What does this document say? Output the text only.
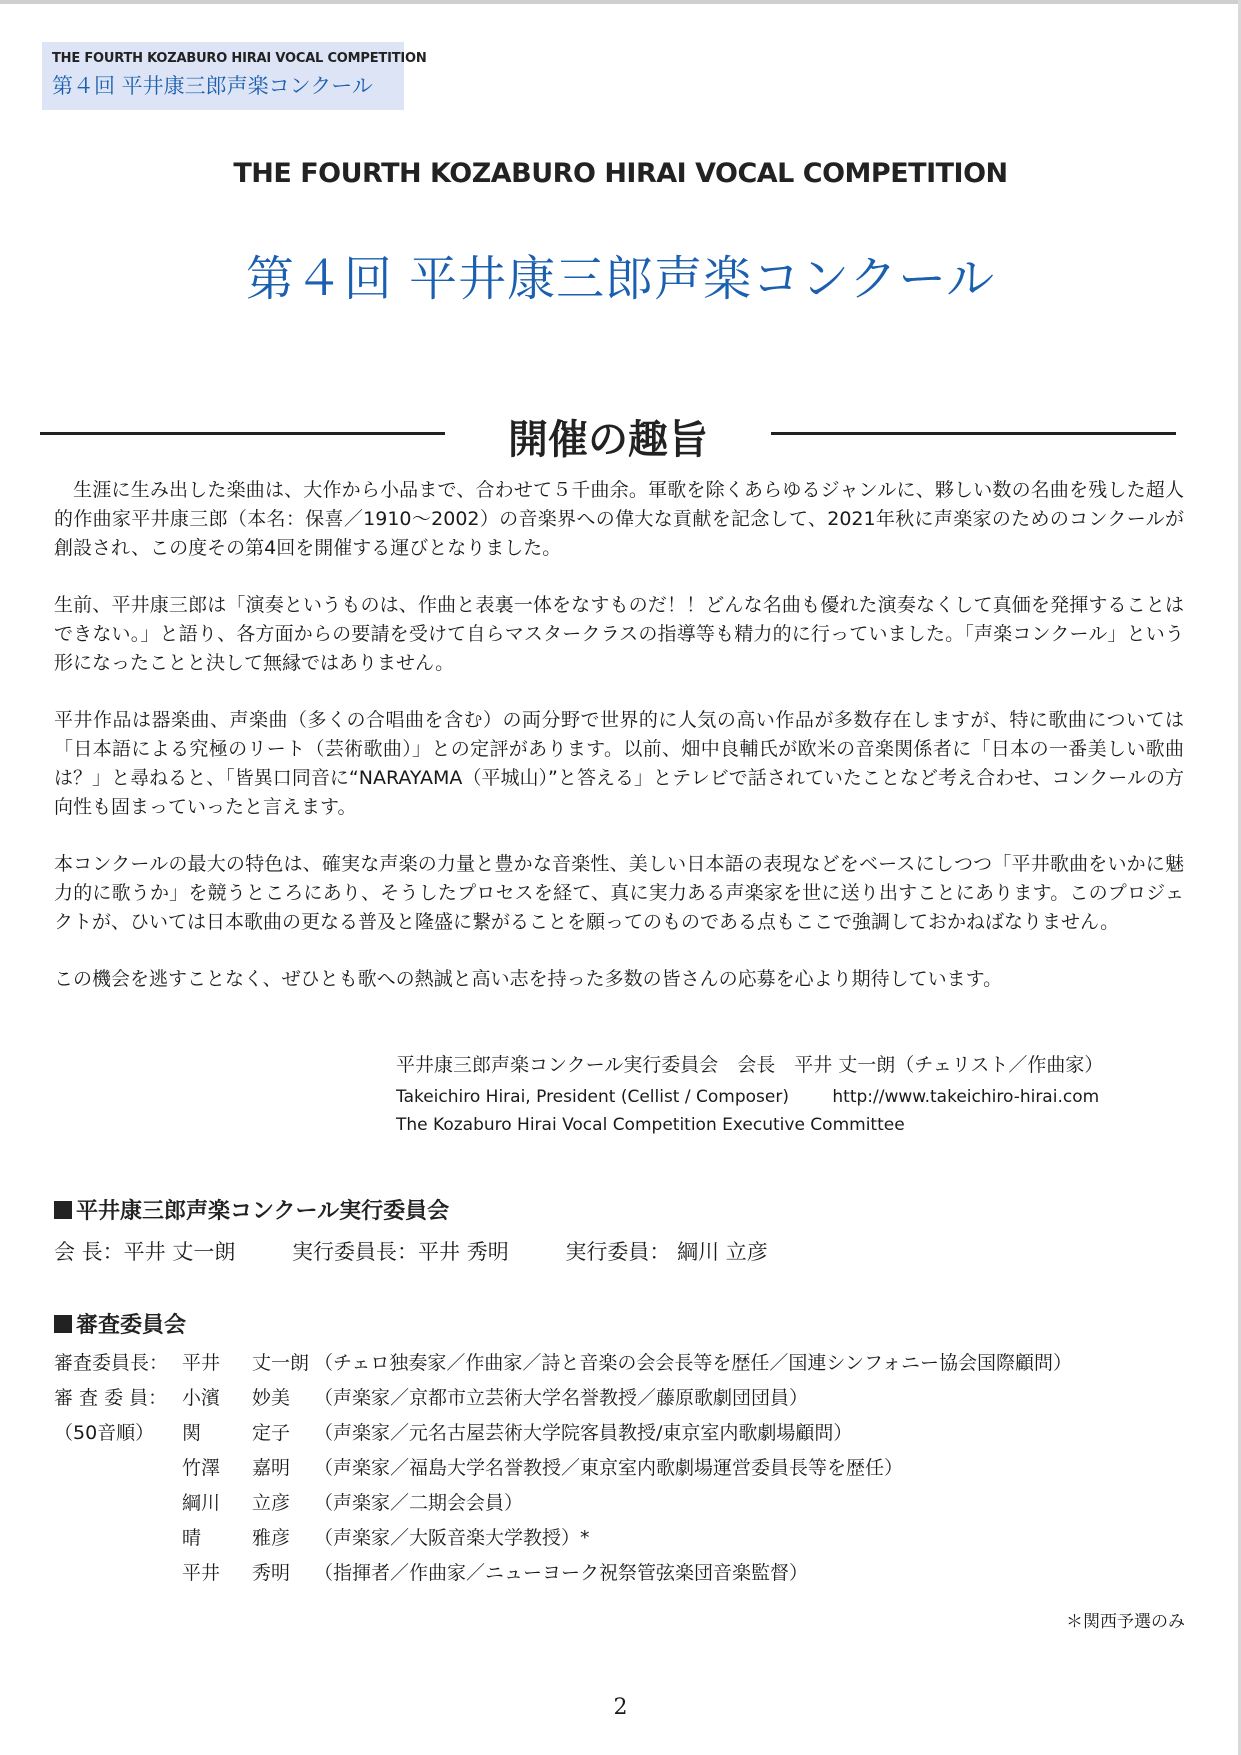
THE FOURTH KOZABURO HIRAI VOCAL COMPETITION
第４回 平井康三郎声楽コンクール
THE FOURTH KOZABURO HIRAI VOCAL COMPETITION
第４回 平井康三郎声楽コンクール
開催の趣旨

　生涯に生み出した楽曲は、大作から小品まで、合わせて５千曲余。軍歌を除くあらゆるジャンルに、夥しい数の名曲を残した超人的作曲家平井康三郎（本名：保喜／1910〜2002）の音楽界への偉大な貢献を記念して、2021年秋に声楽家のためのコンクールが創設され、この度その第4回を開催する運びとなりました。

生前、平井康三郎は「演奏というものは、作曲と表裏一体をなすものだ！！どんな名曲も優れた演奏なくして真価を発揮することはできない。」と語り、各方面からの要請を受けて自らマスタークラスの指導等も精力的に行っていました。「声楽コンクール」という形になったことと決して無縁ではありません。

平井作品は器楽曲、声楽曲（多くの合唱曲を含む）の両分野で世界的に人気の高い作品が多数存在しますが、特に歌曲については「日本語による究極のリート（芸術歌曲）」との定評があります。以前、畑中良輔氏が欧米の音楽関係者に「日本の一番美しい歌曲は？」と尋ねると、「皆異口同音に“NARAYAMA（平城山）”と答える」とテレビで話されていたことなど考え合わせ、コンクールの方向性も固まっていったと言えます。

本コンクールの最大の特色は、確実な声楽の力量と豊かな音楽性、美しい日本語の表現などをベースにしつつ「平井歌曲をいかに魅力的に歌うか」を競うところにあり、そうしたプロセスを経て、真に実力ある声楽家を世に送り出すことにあります。このプロジェクトが、ひいては日本歌曲の更なる普及と隆盛に繋がることを願ってのものである点もここで強調しておかねばなりません。

この機会を逃すことなく、ぜひとも歌への熱誠と高い志を持った多数の皆さんの応募を心より期待しています。

平井康三郎声楽コンクール実行委員会　会長　平井 丈一朗（チェリスト／作曲家）
Takeichiro Hirai, President (Cellist / Composer)	http://www.takeichiro-hirai.com
The Kozaburo Hirai Vocal Competition Executive Committee
平井康三郎声楽コンクール実行委員会
会 長：平井 丈一朗	実行委員長：平井 秀明	実行委員： 綱川 立彦
審査委員会
審査委員長： 平井 丈一朗 （チェロ独奏家／作曲家／詩と音楽の会会長等を歴任／国連シンフォニー協会国際顧問）
審 査 委 員： 小濱 妙美 （声楽家／京都市立芸術大学名誉教授／藤原歌劇団団員）
（50音順） 関	定子 （声楽家／元名古屋芸術大学院客員教授/東京室内歌劇場顧問）
竹澤 嘉明 （声楽家／福島大学名誉教授／東京室内歌劇場運営委員長等を歴任）
綱川 立彦 （声楽家／二期会会員）
晴	雅彦 （声楽家／大阪音楽大学教授）*
平井 秀明 （指揮者／作曲家／ニューヨーク祝祭管弦楽団音楽監督）
＊関西予選のみ
2
